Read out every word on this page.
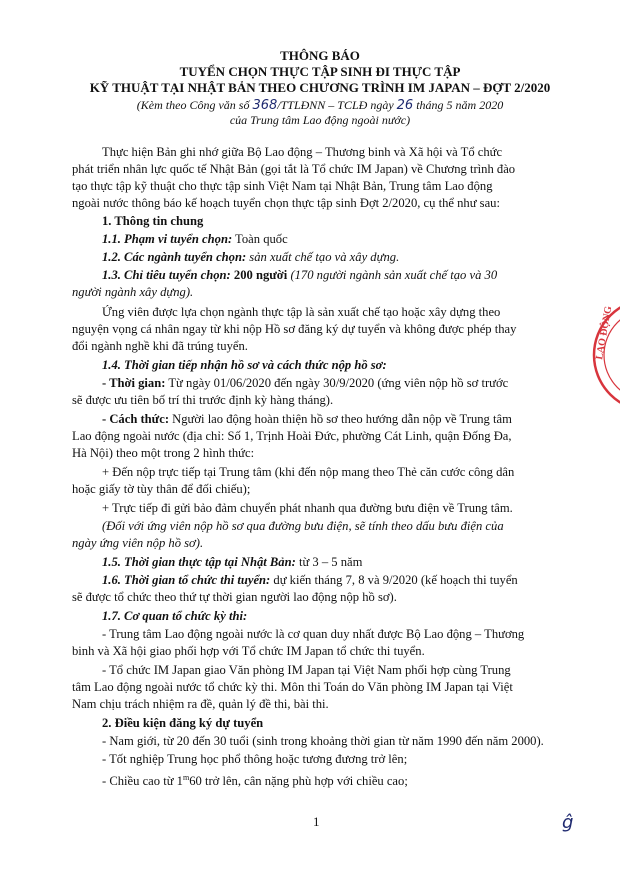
THÔNG BÁO
TUYỂN CHỌN THỰC TẬP SINH ĐI THỰC TẬP
KỸ THUẬT TẠI NHẬT BẢN THEO CHƯƠNG TRÌNH IM JAPAN – ĐỢT 2/2020
(Kèm theo Công văn số 368/TTLĐNN – TCLĐ ngày 26 tháng 5 năm 2020
của Trung tâm Lao động ngoài nước)
Thực hiện Bản ghi nhớ giữa Bộ Lao động – Thương binh và Xã hội và Tổ chức
phát triển nhân lực quốc tế Nhật Bản (gọi tắt là Tổ chức IM Japan) về Chương trình đào
tạo thực tập kỹ thuật cho thực tập sinh Việt Nam tại Nhật Bản, Trung tâm Lao động
ngoài nước thông báo kế hoạch tuyển chọn thực tập sinh Đợt 2/2020, cụ thể như sau:
1. Thông tin chung
1.1. Phạm vi tuyển chọn: Toàn quốc
1.2. Các ngành tuyển chọn: sản xuất chế tạo và xây dựng.
1.3. Chỉ tiêu tuyển chọn: 200 người (170 người ngành sản xuất chế tạo và 30
người ngành xây dựng).
Ứng viên được lựa chọn ngành thực tập là sản xuất chế tạo hoặc xây dựng theo
nguyện vọng cá nhân ngay từ khi nộp Hồ sơ đăng ký dự tuyển và không được phép thay
đổi ngành nghề khi đã trúng tuyển.
1.4. Thời gian tiếp nhận hồ sơ và cách thức nộp hồ sơ:
- Thời gian: Từ ngày 01/06/2020 đến ngày 30/9/2020 (ứng viên nộp hồ sơ trước
sẽ được ưu tiên bố trí thi trước định kỳ hàng tháng).
- Cách thức: Người lao động hoàn thiện hồ sơ theo hướng dẫn nộp về Trung tâm
Lao động ngoài nước (địa chỉ: Số 1, Trịnh Hoài Đức, phường Cát Linh, quận Đống Đa,
Hà Nội) theo một trong 2 hình thức:
+ Đến nộp trực tiếp tại Trung tâm (khi đến nộp mang theo Thẻ căn cước công dân
hoặc giấy tờ tùy thân để đối chiếu);
+ Trực tiếp đi gửi bảo đảm chuyển phát nhanh qua đường bưu điện về Trung tâm.
(Đối với ứng viên nộp hồ sơ qua đường bưu điện, sẽ tính theo dấu bưu điện của
ngày ứng viên nộp hồ sơ).
1.5. Thời gian thực tập tại Nhật Bản: từ 3 – 5 năm
1.6. Thời gian tổ chức thi tuyển: dự kiến tháng 7, 8 và 9/2020 (kế hoạch thi tuyển
sẽ được tổ chức theo thứ tự thời gian người lao động nộp hồ sơ).
1.7. Cơ quan tổ chức kỳ thi:
- Trung tâm Lao động ngoài nước là cơ quan duy nhất được Bộ Lao động – Thương
binh và Xã hội giao phối hợp với Tổ chức IM Japan tổ chức thi tuyển.
- Tổ chức IM Japan giao Văn phòng IM Japan tại Việt Nam phối hợp cùng Trung
tâm Lao động ngoài nước tổ chức kỳ thi. Môn thi Toán do Văn phòng IM Japan tại Việt
Nam chịu trách nhiệm ra đề, quản lý đề thi, bài thi.
2. Điều kiện đăng ký dự tuyển
- Nam giới, từ 20 đến 30 tuổi (sinh trong khoảng thời gian từ năm 1990 đến năm 2000).
- Tốt nghiệp Trung học phổ thông hoặc tương đương trở lên;
- Chiều cao từ 1$^m$60 trở lên, cân nặng phù hợp với chiều cao;
1	ĝ
LAO ĐỘNG
